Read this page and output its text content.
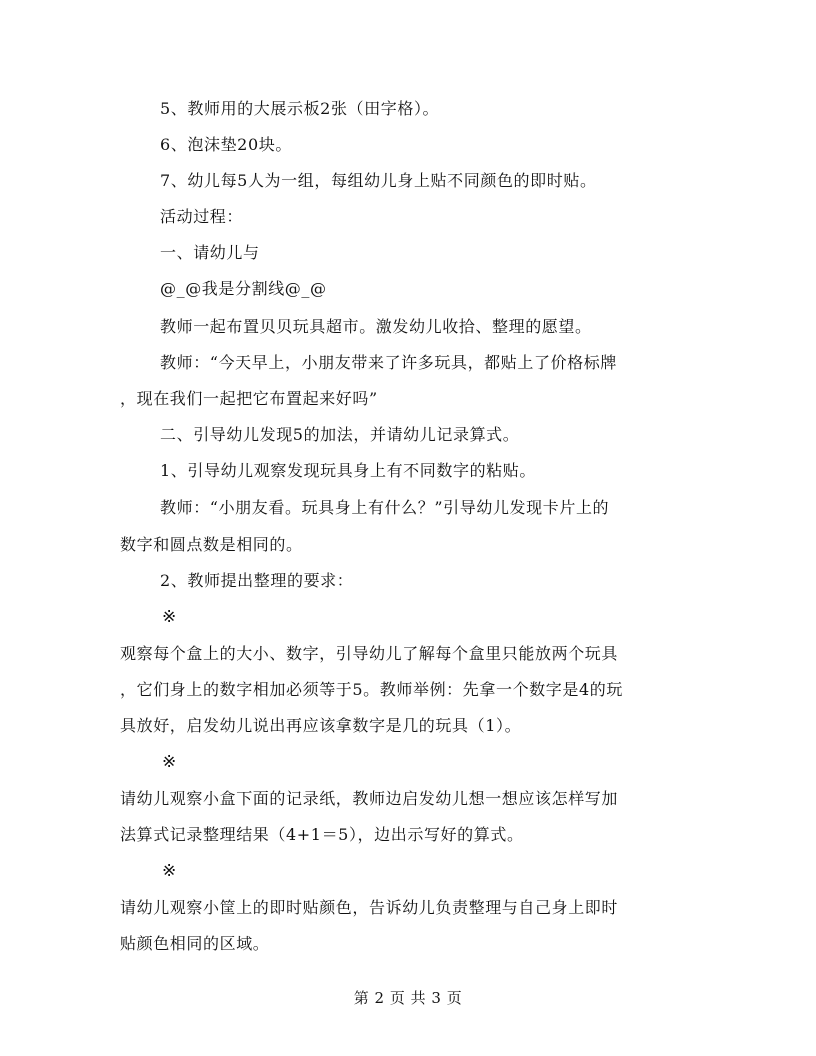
5、教师用的大展示板2张（田字格）。
6、泡沫垫20块。
7、幼儿每5人为一组，每组幼儿身上贴不同颜色的即时贴。
活动过程：
一、请幼儿与
@_@我是分割线@_@
教师一起布置贝贝玩具超市。激发幼儿收拾、整理的愿望。
教师：“今天早上，小朋友带来了许多玩具，都贴上了价格标牌
，现在我们一起把它布置起来好吗”
二、引导幼儿发现5的加法，并请幼儿记录算式。
1、引导幼儿观察发现玩具身上有不同数字的粘贴。
教师：“小朋友看。玩具身上有什么？”引导幼儿发现卡片上的
数字和圆点数是相同的。
2、教师提出整理的要求：
※
观察每个盒上的大小、数字，引导幼儿了解每个盒里只能放两个玩具
，它们身上的数字相加必须等于5。教师举例：先拿一个数字是4的玩
具放好，启发幼儿说出再应该拿数字是几的玩具（1）。
※
请幼儿观察小盒下面的记录纸，教师边启发幼儿想一想应该怎样写加
法算式记录整理结果（4+1＝5），边出示写好的算式。
※
请幼儿观察小筐上的即时贴颜色，告诉幼儿负责整理与自己身上即时
贴颜色相同的区域。
第 2 页 共 3 页
